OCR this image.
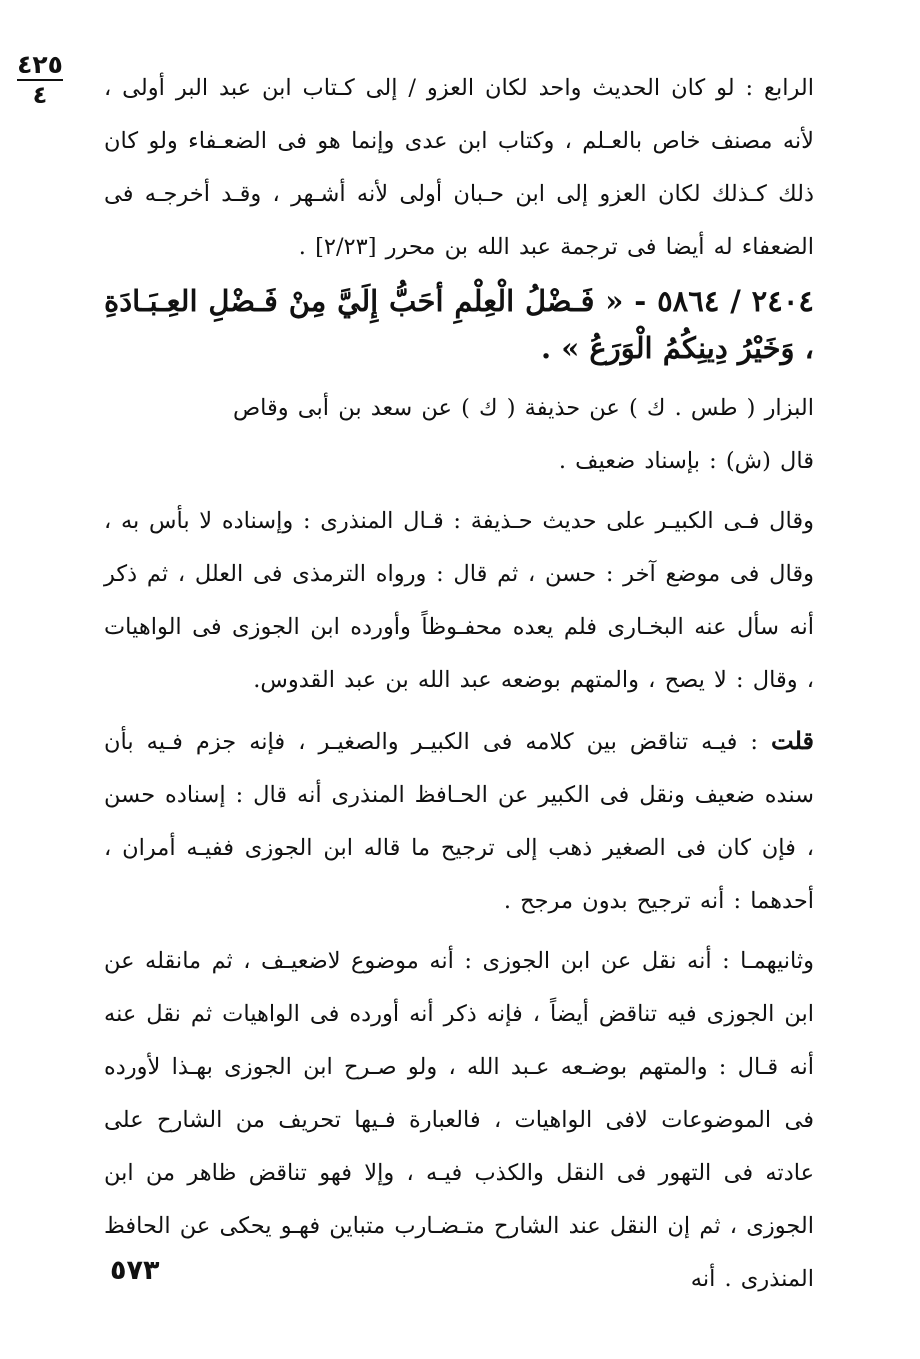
٤٢٥
٤	الرابع : لو كان الحديث واحد لكان العزو / إلى كـتاب ابن عبد البر أولى ، لأنه مصنف خاص بالعـلم ، وكتاب ابن عدى وإنما هو فى الضعـفاء ولو كان ذلك كـذلك لكان العزو إلى ابن حـبان أولى لأنه أشـهر ، وقـد أخرجـه فى الضعفاء له أيضا فى ترجمة عبد الله بن محرر [٢/٢٣] .

٢٤٠٤ / ٥٨٦٤ - « فَـضْلُ الْعِلْمِ أحَبُّ إِلَيَّ مِنْ فَـضْلِ العِـبَـادَةِ ، وَخَيْرُ دِينِكُمُ الْوَرَعُ » .

البزار ( طس . ك ) عن حذيفة ( ك ) عن سعد بن أبى وقاص

قال (ش) : بإسناد ضعيف .

وقال فـى الكبيـر على حديث حـذيفة : قـال المنذرى : وإسناده لا بأس به ، وقال فى موضع آخر : حسن ، ثم قال : ورواه الترمذى فى العلل ، ثم ذكر أنه سأل عنه البخـارى فلم يعده محفـوظاً وأورده ابن الجوزى فى الواهيات ، وقال : لا يصح ، والمتهم بوضعه عبد الله بن عبد القدوس.

قلت : فيـه تناقض بين كلامه فى الكبيـر والصغيـر ، فإنه جزم فـيه بأن سنده ضعيف ونقل فى الكبير عن الحـافظ المنذرى أنه قال : إسناده حسن ، فإن كان فى الصغير ذهب إلى ترجيح ما قاله ابن الجوزى ففيـه أمران ، أحدهما : أنه ترجيح بدون مرجح .

وثانيهمـا : أنه نقل عن ابن الجوزى : أنه موضوع لاضعيـف ، ثم مانقله عن ابن الجوزى فيه تناقض أيضاً ، فإنه ذكر أنه أورده فى الواهيات ثم نقل عنه أنه قـال : والمتهم بوضـعه عـبد الله ، ولو صـرح ابن الجوزى بهـذا لأورده فى الموضوعات لافى الواهيات ، فالعبارة فـيها تحريف من الشارح على عادته فى التهور فى النقل والكذب فيـه ، وإلا فهو تناقض ظاهر من ابن الجوزى ، ثم إن النقل عند الشارح متـضـارب متباين فهـو يحكى عن الحافظ المنذرى . أنه

٥٧٣
